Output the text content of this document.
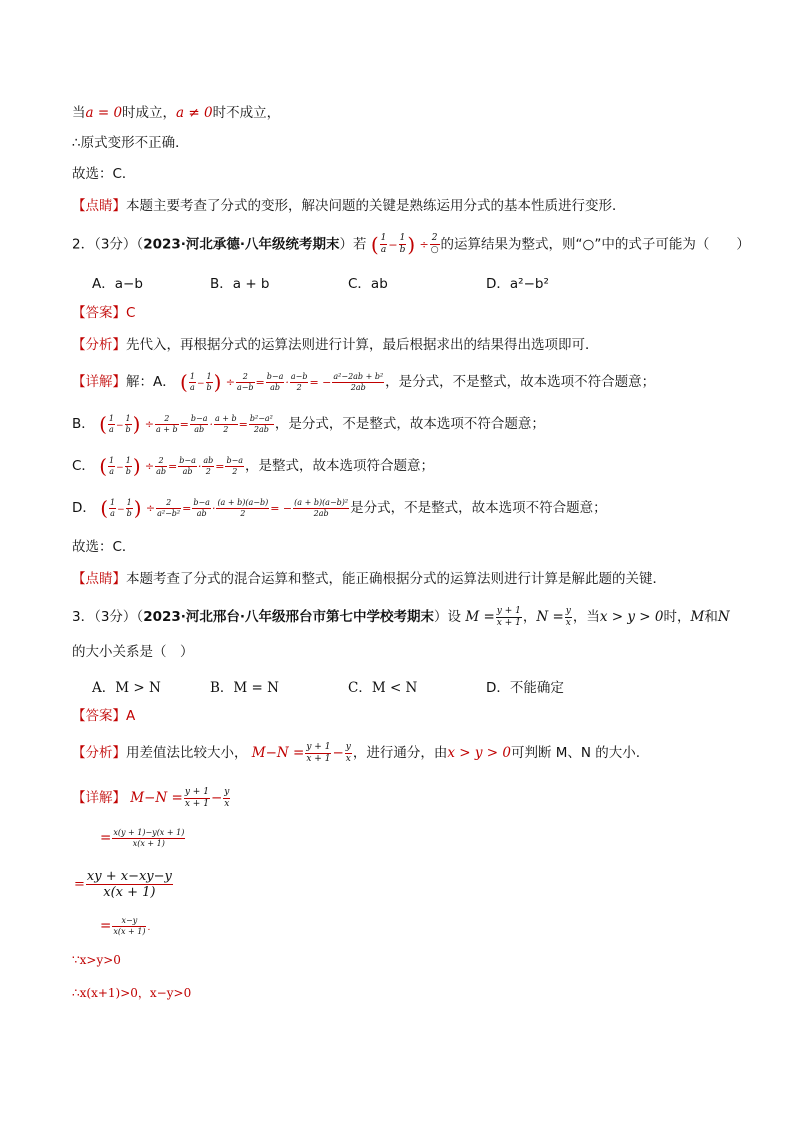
当a = 0时成立，a ≠ 0时不成立，
∴原式变形不正确．
故选：C．
【点睛】本题主要考查了分式的变形，解决问题的关键是熟练运用分式的基本性质进行变形．
2．（3分）（2023·河北承德·八年级统考期末）若 ( $\frac{1}{a} - \frac{1}{b}$ ) ÷
2
○ 的运算结果为整式，则“○”中的式子可能为（　　）
A．a−b	B．a + b	C．ab	D．a²−b²
【答案】C
【分析】先代入，再根据分式的运算法则进行计算，最后根据求出的结果得出选项即可．
【详解】解：A． ( $\frac{1}{a} - \frac{1}{b}$ ) ÷ $\frac{2}{a-b} = \frac{b-a}{ab} \cdot \frac{a-b}{2}$ = − $\frac{\text{a²−2ab + b²}}{2ab}$ ，是分式，不是整式，故本选项不符合题意；
B． ( $\frac{1}{a} - \frac{1}{b}$ ) ÷ $\frac{2}{a + b} = \frac{b-a}{ab} \cdot \frac{a + b}{2} = \frac{\text{b²−a²}}{2ab}$ ，是分式，不是整式，故本选项不符合题意；
C． ( $\frac{1}{a} - \frac{1}{b}$ ) ÷ $\frac{2}{ab} = \frac{b-a}{ab} \cdot \frac{ab}{2} = \frac{b-a}{2}$ ，是整式，故本选项符合题意；
D． ( $\frac{1}{a} - \frac{1}{b}$ ) ÷ $\frac{2}{\text{a²−b²}} = \frac{b-a}{ab} \cdot \frac{(a + b)(a-b)}{2}$ = − $\frac{\text{(a + b)(a−b)²}}{2ab}$ 是分式，不是整式，故本选项不符合题意；
故选：C．
【点睛】本题考查了分式的混合运算和整式，能正确根据分式的运算法则进行计算是解此题的关键．
3．（3分）（2023·河北邢台·八年级邢台市第七中学校考期末）设 $M = \frac{y + 1}{x + 1}$ ，$N = \frac{y}{x}$ ，当x > y > 0时，M和N
的大小关系是（　）
A．M > N	B．M = N	C．M < N	D．不能确定
【答案】A
【分析】用差值法比较大小， $M-N = \frac{y + 1}{x + 1} - \frac{y}{x}$ ，进行通分，由x > y > 0可判断 M、N 的大小.
【详解】 $M-N = \frac{y + 1}{x + 1} - \frac{y}{x}$
= $\frac{x(y + 1)-y(x + 1)}{x(x + 1)}$
= $\frac{xy + x-xy-y}{x(x + 1)}$
= $\frac{x-y}{x(x + 1)}$ .
∵x>y>0
∴x(x+1)>0，x−y>0
